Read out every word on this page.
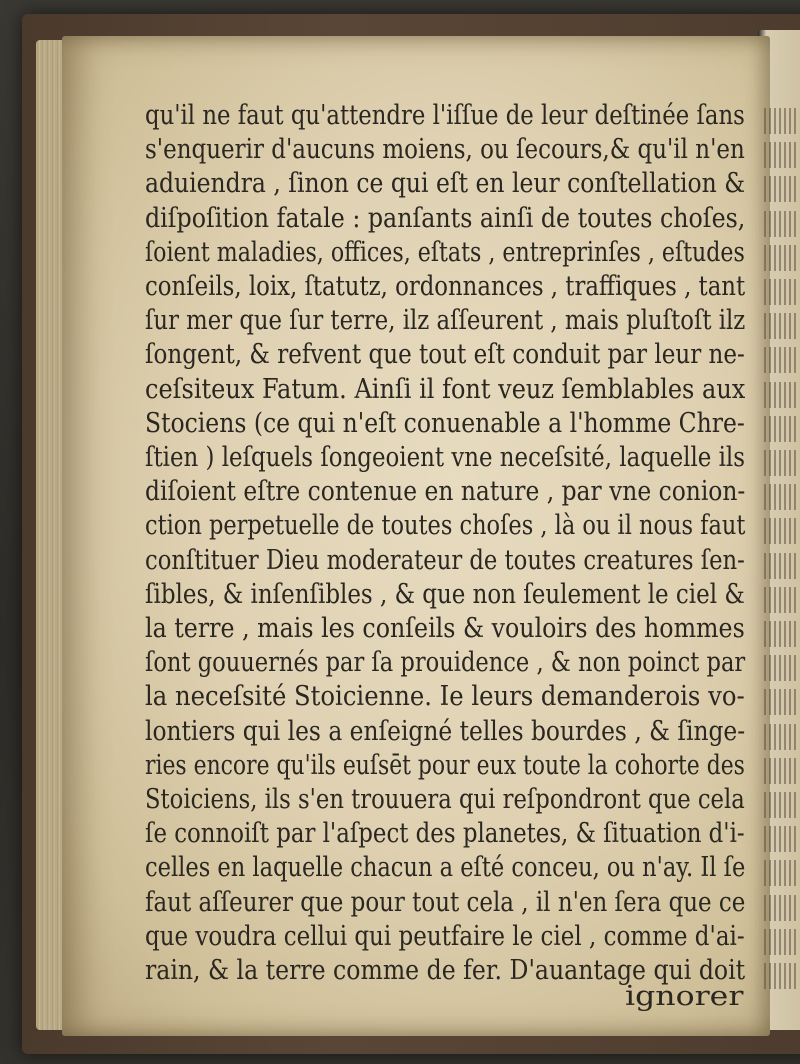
qu'il ne faut qu'attendre l'iſſue de leur deſtinée ſans
s'enquerir d'aucuns moiens, ou ſecours,& qu'il n'en
aduiendra , ſinon ce qui eſt en leur conſtellation &
diſpoſition fatale : panſants ainſi de toutes choſes,
ſoient maladies, offices, eſtats , entreprinſes , eſtudes
conſeils, loix, ſtatutz, ordonnances , traffiques , tant
ſur mer que ſur terre, ilz aſſeurent , mais pluſtoſt ilz
ſongent, & refvent que tout eſt conduit par leur ne-
ceſsiteux Fatum. Ainſi il font veuz ſemblables aux
Stociens (ce qui n'eſt conuenable a l'homme Chre-
ſtien ) leſquels ſongeoient vne neceſsité, laquelle ils
diſoient eſtre contenue en nature , par vne conion-
ction perpetuelle de toutes choſes , là ou il nous faut
conſtituer Dieu moderateur de toutes creatures ſen-
ſibles, & inſenſibles , & que non ſeulement le ciel &
la terre , mais les conſeils & vouloirs des hommes
ſont gouuernés par ſa prouidence , & non poinct par
la neceſsité Stoicienne. Ie leurs demanderois vo-
lontiers qui les a enſeigné telles bourdes , & ſinge-
ries encore qu'ils euſsēt pour eux toute la cohorte des
Stoiciens, ils s'en trouuera qui reſpondront que cela
ſe connoiſt par l'aſpect des planetes, & ſituation d'i-
celles en laquelle chacun a eſté conceu, ou n'ay. Il ſe
faut aſſeurer que pour tout cela , il n'en ſera que ce
que voudra cellui qui peutfaire le ciel , comme d'ai-
rain, & la terre comme de fer. D'auantage qui doit
ignorer
